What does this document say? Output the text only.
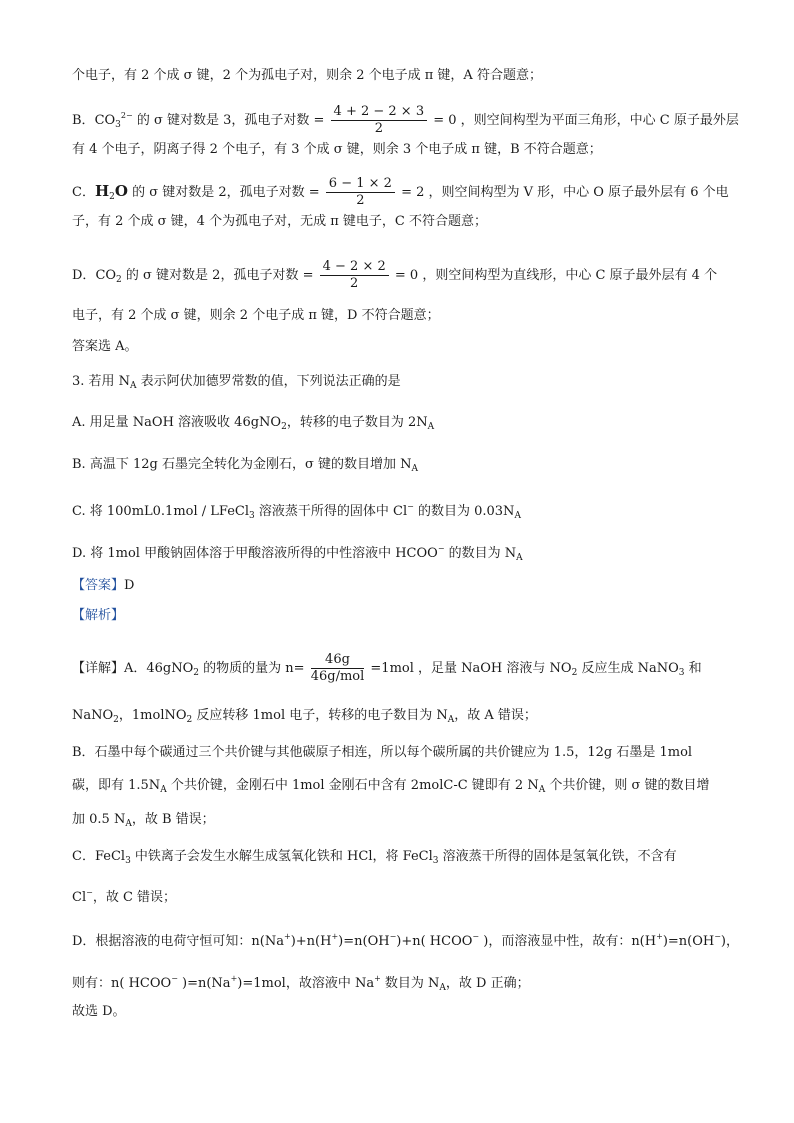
个电子，有 2 个成 σ 键，2 个为孤电子对，则余 2 个电子成 π 键，A 符合题意；
B．$CO_3^{2-}$ 的 σ 键对数是 3，孤电子对数 = $\frac{4 + 2 - 2 \times 3}{2} = 0$ ，则空间构型为平面三角形，中心 C 原子最外层
有 4 个电子，阴离子得 2 个电子，有 3 个成 σ 键，则余 3 个电子成 π 键，B 不符合题意；
C．$H_2O$ 的 σ 键对数是 2，孤电子对数 = $\frac{6 - 1 \times 2}{2} = 2$ ，则空间构型为 V 形，中心 O 原子最外层有 6 个电
子，有 2 个成 σ 键，4 个为孤电子对，无成 π 键电子，C 不符合题意；
D．$CO_2$ 的 σ 键对数是 2，孤电子对数 = $\frac{4 - 2 \times 2}{2} = 0$ ，则空间构型为直线形，中心 C 原子最外层有 4 个
电子，有 2 个成 σ 键，则余 2 个电子成 π 键，D 不符合题意；
答案选 A。
3. 若用 $N_A$ 表示阿伏加德罗常数的值，下列说法正确的是
A. 用足量 NaOH 溶液吸收 46gNO$_2$，转移的电子数目为 $2N_A$
B. 高温下 12g 石墨完全转化为金刚石，σ 键的数目增加 $N_A$
C. 将 100mL0.1mol / LFeCl$_3$ 溶液蒸干所得的固体中 Cl− 的数目为 $0.03N_A$
D. 将 1mol 甲酸钠固体溶于甲酸溶液所得的中性溶液中 HCOO− 的数目为 $N_A$
【答案】D
【解析】
【详解】A．46gNO$_2$ 的物质的量为 $n= \frac{46g}{\text{46g/mol}} =1mol$ ，足量 NaOH 溶液与 $NO_2$ 反应生成 NaNO$_3$ 和
NaNO$_2$，1molNO$_2$ 反应转移 1mol 电子，转移的电子数目为 $N_A$，故 A 错误；
B．石墨中每个碳通过三个共价键与其他碳原子相连，所以每个碳所属的共价键应为 1.5，12g 石墨是 1mol
碳，即有 $1.5N_A$ 个共价键，金刚石中 1mol 金刚石中含有 2molC-C 键即有 2 $N_A$ 个共价键，则 σ 键的数目增
加 0.5 $N_A$，故 B 错误；
C．FeCl$_3$ 中铁离子会发生水解生成氢氧化铁和 HCl，将 FeCl$_3$ 溶液蒸干所得的固体是氢氧化铁，不含有
Cl−，故 C 错误；
D．根据溶液的电荷守恒可知：n(Na+)+n(H+)=n(OH−)+n( HCOO− )，而溶液显中性，故有：n(H+)=n(OH−)，
则有：n( HCOO− )=n(Na+)=1mol，故溶液中 Na+ 数目为 $N_A$，故 D 正确；
故选 D。
